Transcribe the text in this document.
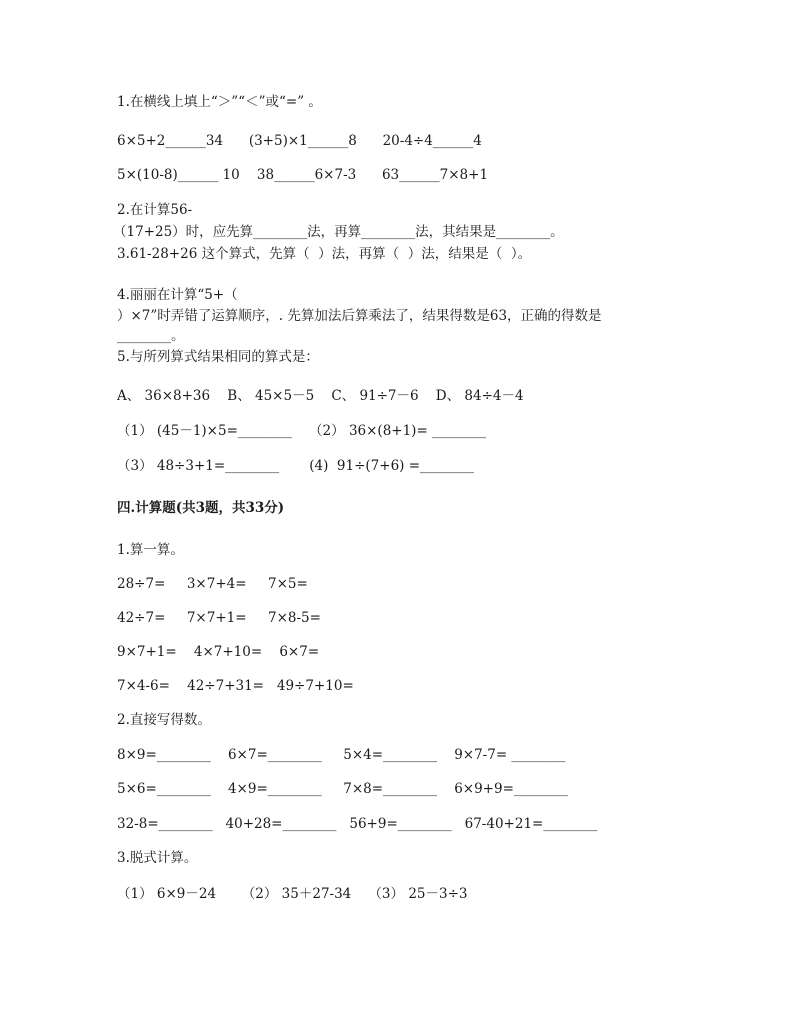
1.在横线上填上“＞”“＜”或“=” 。
6×5+2______34      (3+5)×1______8      20-4÷4______4
5×(10-8)______ 10    38______6×7-3      63______7×8+1
2.在计算56-
（17+25）时，应先算________法，再算________法，其结果是________。
3.61-28+26 这个算式，先算（  ）法，再算（  ）法，结果是（  ）。
4.丽丽在计算“5+（
）×7”时弄错了运算顺序，. 先算加法后算乘法了，结果得数是63，正确的得数是
________。
5.与所列算式结果相同的算式是：
A、 36×8+36    B、 45×5－5    C、 91÷7－6    D、 84÷4－4
（1） (45－1)×5=________    （2） 36×(8+1)= ________
（3） 48÷3+1=________       (4)  91÷(7+6) =________
四.计算题(共3题，共33分)
1.算一算。
28÷7=     3×7+4=     7×5=
42÷7=     7×7+1=     7×8-5=
9×7+1=    4×7+10=    6×7=
7×4-6=    42÷7+31=   49÷7+10=
2.直接写得数。
8×9=________    6×7=________     5×4=________    9×7-7= ________
5×6=________    4×9=________     7×8=________    6×9+9=________
32-8=________   40+28=________   56+9=________   67-40+21=________
3.脱式计算。
（1） 6×9－24      （2） 35＋27-34    （3） 25－3÷3
